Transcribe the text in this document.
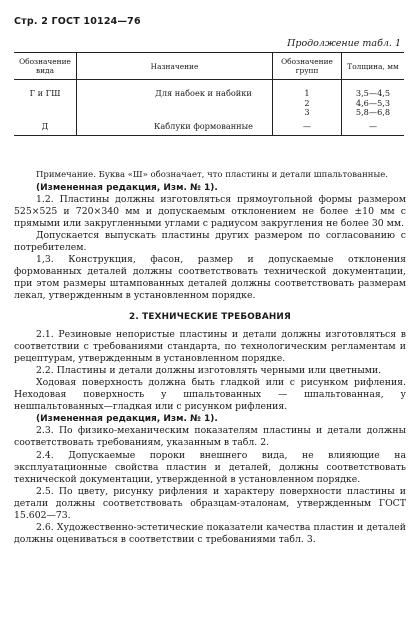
Стр. 2 ГОСТ 10124—76
Продолжение табл. 1
Обозначение вида	Назначение	Обозначение групп	Толщина, мм
Г и ГШ	Для набоек и набойки	1	3,5—4,5
		2	4,6—5,3
		3	5,8—6,8
Д	Каблуки формованные	—	—

Примечание. Буква «Ш» обозначает, что пластины и детали шпальтованные.

(Измененная редакция, Изм. № 1).

1.2. Пластины должны изготовляться прямоугольной формы размером 525×525 и 720×340 мм и допускаемым отклонением не более ±10 мм с прямыми или закругленными углами с радиусом закругления не более 30 мм.

Допускается выпускать пластины других размером по согласованию с потребителем.

1,3. Конструкция, фасон, размер и допускаемые отклонения формованных деталей должны соответствовать технической документации, при этом размеры штампованных деталей должны соответствовать размерам лекал, утвержденным в установленном порядке.

2. ТЕХНИЧЕСКИЕ ТРЕБОВАНИЯ

2.1. Резиновые непористые пластины и детали должны изготовляться в соответствии с требованиями стандарта, по технологическим регламентам и рецептурам, утвержденным в установленном порядке.

2.2. Пластины и детали должны изготовлять черными или цветными.

Ходовая поверхность должна быть гладкой или с рисунком рифления. Неходовая поверхность у шпальтованных — шпальтованная, у нешпальтованных—гладкая или с рисунком рифления.

(Измененная редакция, Изм. № 1).

2.3. По физико-механическим показателям пластины и детали должны соответствовать требованиям, указанным в табл. 2.

2.4. Допускаемые пороки внешнего вида, не влияющие на эксплуатационные свойства пластин и деталей, должны соответствовать технической документации, утвержденной в установленном порядке.

2.5. По цвету, рисунку рифления и характеру поверхности пластины и детали должны соответствовать образцам-эталонам, утвержденным ГОСТ 15.602—73.

2.6. Художественно-эстетические показатели качества пластин и деталей должны оцениваться в соответствии с требованиями табл. 3.
